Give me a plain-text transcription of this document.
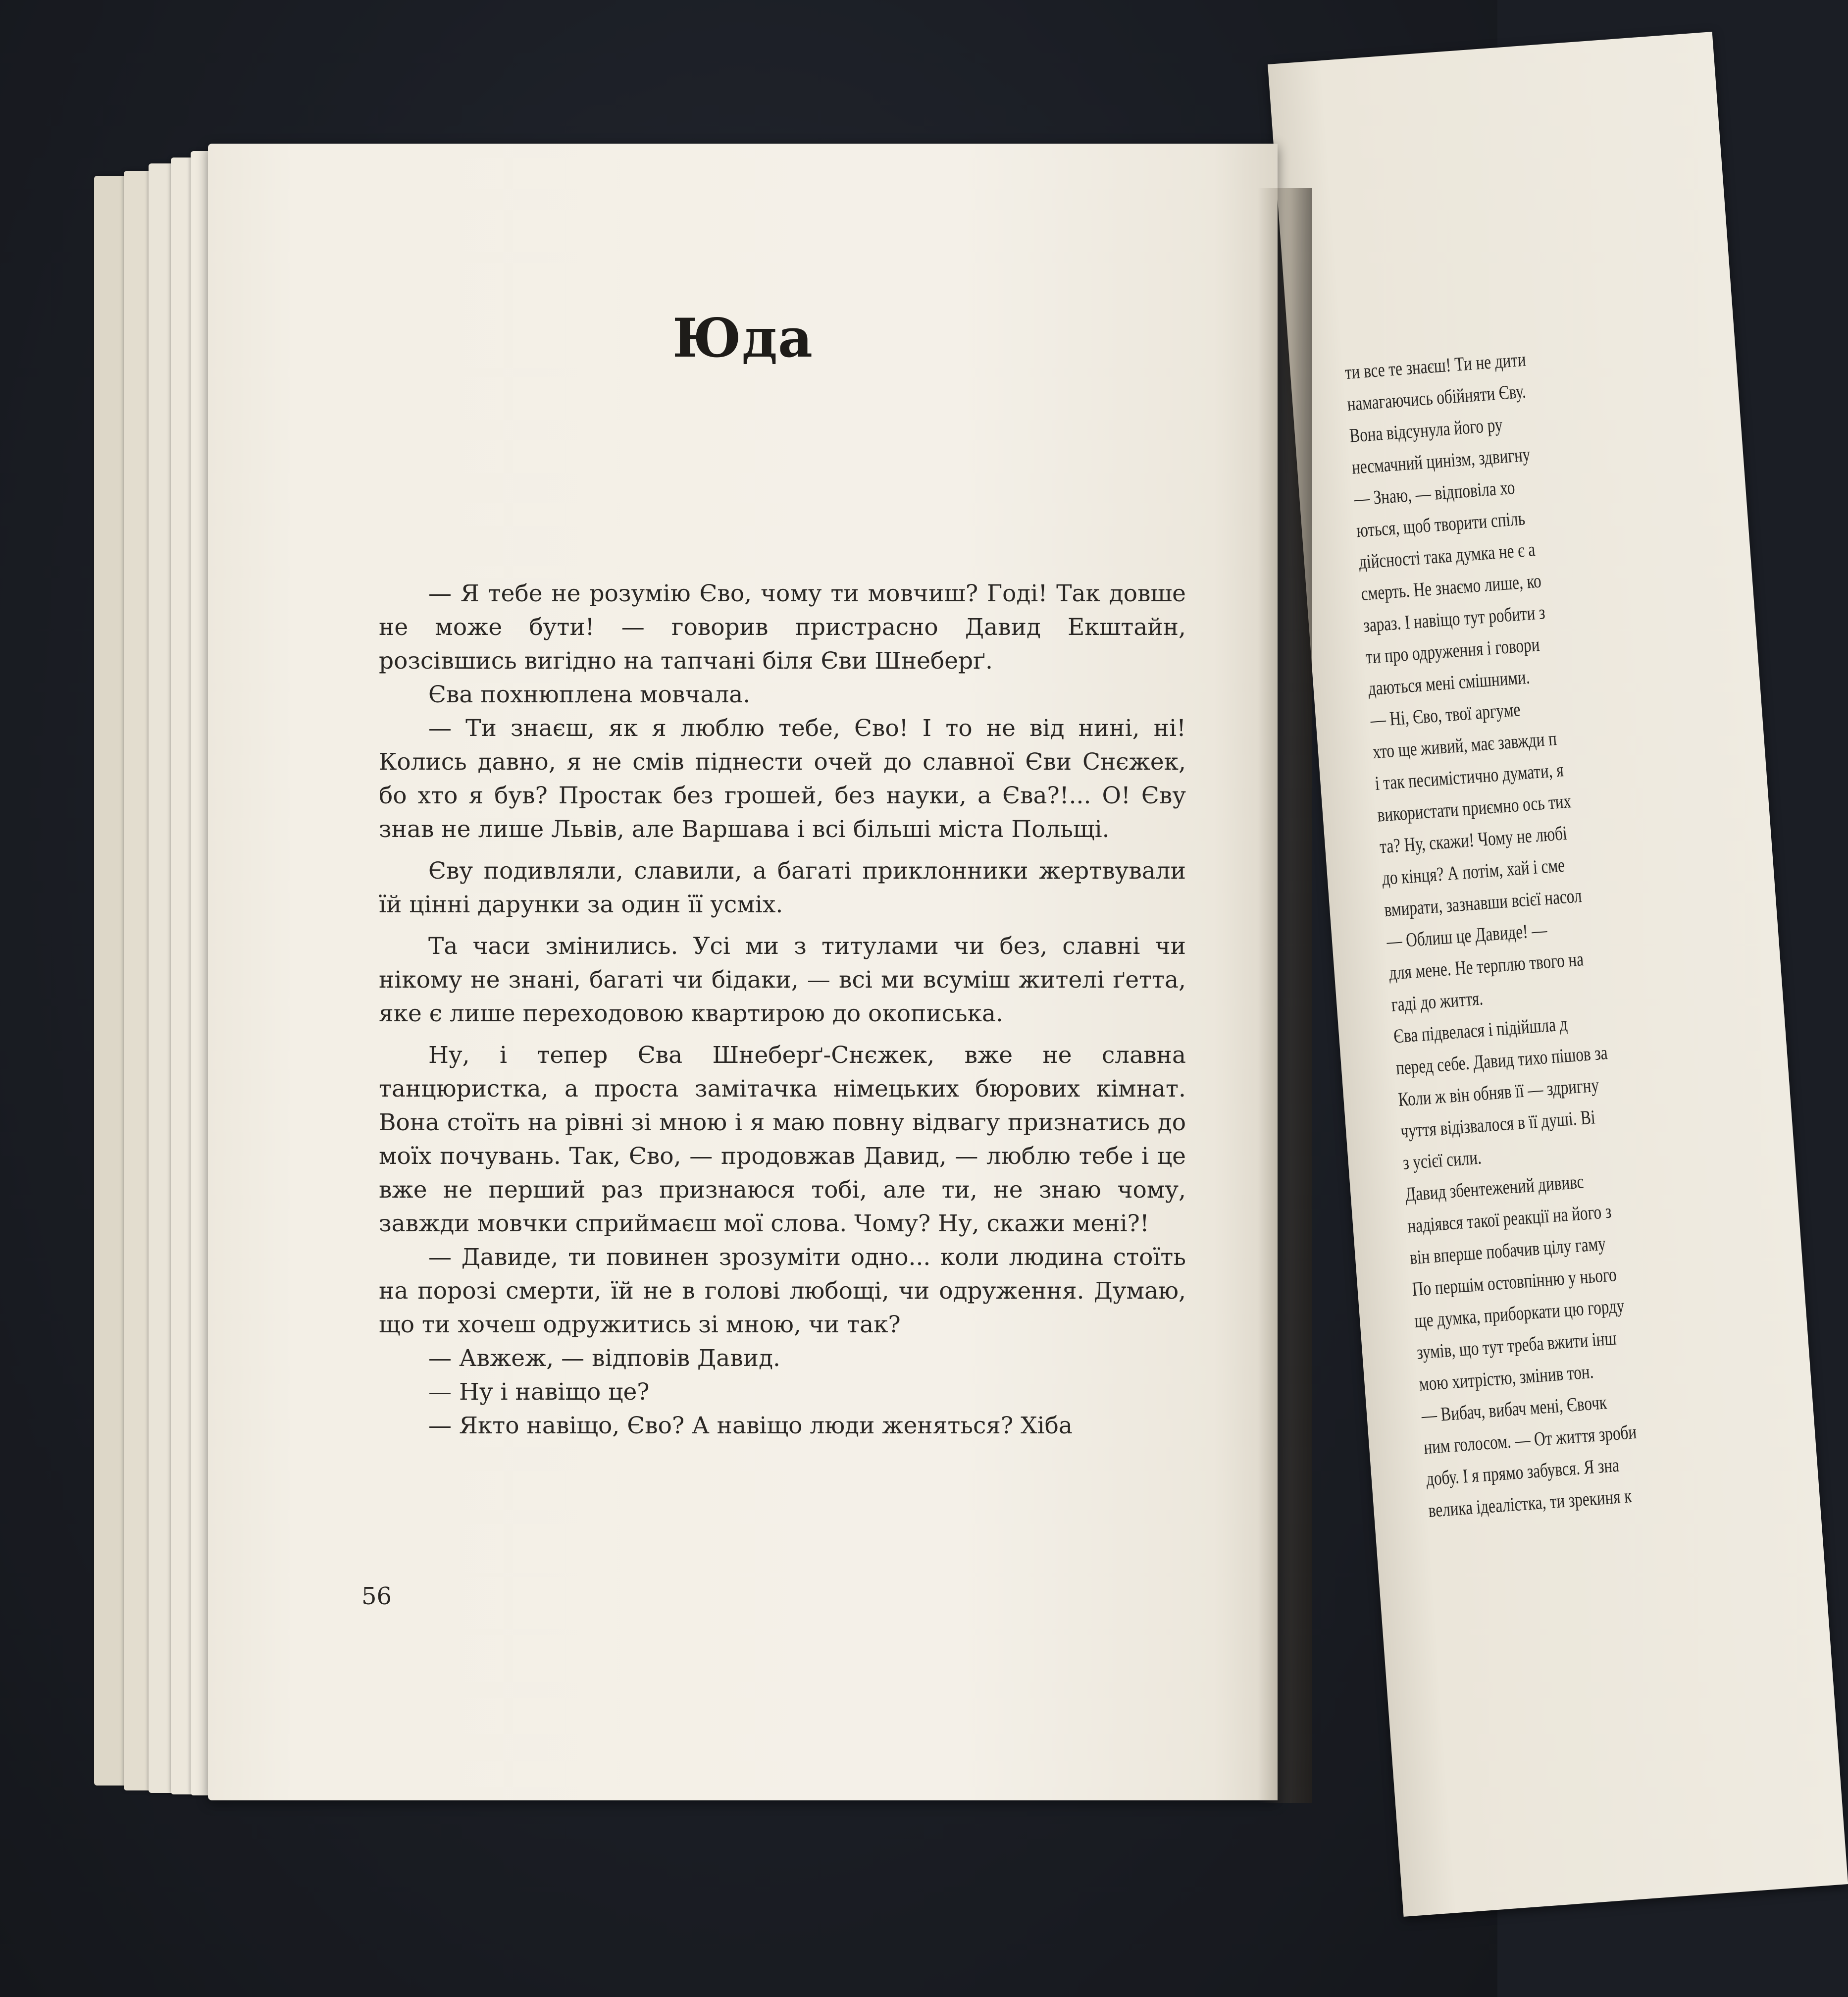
ти все те знаєш! Ти не дити

намагаючись обійняти Єву.

Вона відсунула його ру

несмачний цинізм, здвигну

— Знаю, — відповіла хо

ються, щоб творити спіль

дійсності така думка не є а

смерть. Не знаємо лише, ко

зараз. І навіщо тут робити з

ти про одруження і говори

даються мені смішними.

— Ні, Єво, твої аргуме

хто ще живий, має завжди п

і так песимістично думати, я

використати приємно ось тих

та? Ну, скажи! Чому не любі

до кінця? А потім, хай і сме

вмирати, зазнавши всієї насол

— Облиш це Давиде! —

для мене. Не терплю твого на

гаді до життя.

Єва підвелася і підійшла д

перед себе. Давид тихо пішов за

Коли ж він обняв її — здригну

чуття відізвалося в її душі. Ві

з усієї сили.

Давид збентежений дививс

надіявся такої реакції на його з

він вперше побачив цілу гаму

По першім остовпінню у нього

ще думка, приборкати цю горду

зумів, що тут треба вжити інш

мою хитрістю, змінив тон.

— Вибач, вибач мені, Євочк

ним голосом. — От життя зроби

добу. І я прямо забувся. Я зна

велика ідеалістка, ти зрекиня к

Юда

— Я тебе не розумію Єво, чому ти мовчиш? Годі! Так довше не може бути! — говорив пристрасно Давид Екштайн, розсівшись вигідно на тапчані біля Єви Шнеберґ.

Єва похнюплена мовчала.

— Ти знаєш, як я люблю тебе, Єво! І то не від нині, ні! Колись давно, я не смів піднести очей до славної Єви Снєжек, бо хто я був? Простак без грошей, без науки, а Єва?!... О! Єву знав не лише Львів, але Варшава і всі більші міста Польщі.

Єву подивляли, славили, а багаті приклонники жертвували їй цінні дарунки за один її усміх.

Та часи змінились. Усі ми з титулами чи без, славні чи нікому не знані, багаті чи бідаки, — всі ми всуміш жителі ґетта, яке є лише переходовою квартирою до окописька.

Ну, і тепер Єва Шнеберґ-Снєжек, вже не славна танцюристка, а проста замітачка німецьких бюрових кімнат. Вона стоїть на рівні зі мною і я маю повну відвагу признатись до моїх почувань. Так, Єво, — продовжав Давид, — люблю тебе і це вже не перший раз признаюся тобі, але ти, не знаю чому, завжди мовчки сприймаєш мої слова. Чому? Ну, скажи мені?!

— Давиде, ти повинен зрозуміти одно... коли людина стоїть на порозі смерти, їй не в голові любощі, чи одруження. Думаю, що ти хочеш одружитись зі мною, чи так?

— Авжеж, — відповів Давид.

— Ну і навіщо це?

— Якто навіщо, Єво? А навіщо люди женяться? Хіба

56
